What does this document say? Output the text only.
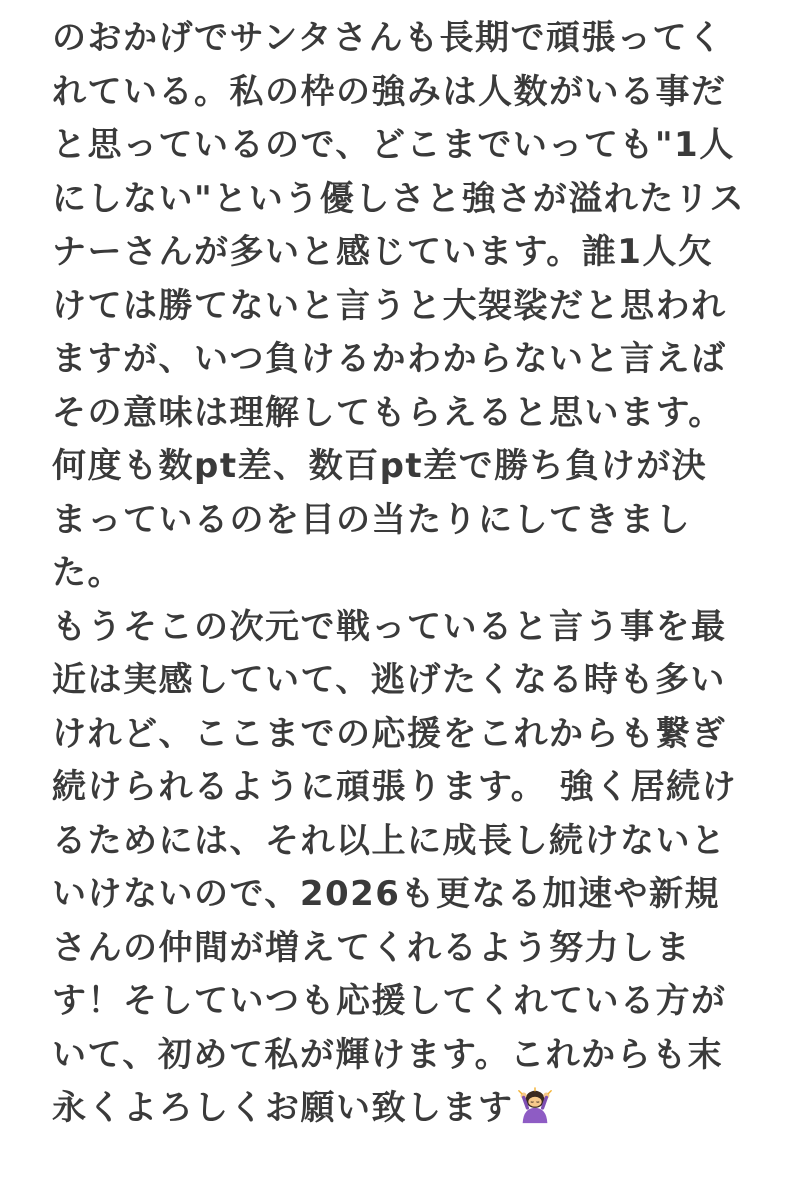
のおかげでサンタさんも長期で頑張ってく
れている。私の枠の強みは人数がいる事だ
と思っているので、どこまでいっても"1人
にしない"という優しさと強さが溢れたリス
ナーさんが多いと感じています。誰1人欠
けては勝てないと言うと大袈裟だと思われ
ますが、いつ負けるかわからないと言えば
その意味は理解してもらえると思います。
何度も数pt差、数百pt差で勝ち負けが決
まっているのを目の当たりにしてきまし
た。
もうそこの次元で戦っていると言う事を最
近は実感していて、逃げたくなる時も多い
けれど、ここまでの応援をこれからも繋ぎ
続けられるように頑張ります。 強く居続け
るためには、それ以上に成長し続けないと
いけないので、2026も更なる加速や新規
さんの仲間が増えてくれるよう努力しま
す！そしていつも応援してくれている方が
いて、初めて私が輝けます。これからも末
永くよろしくお願い致します
